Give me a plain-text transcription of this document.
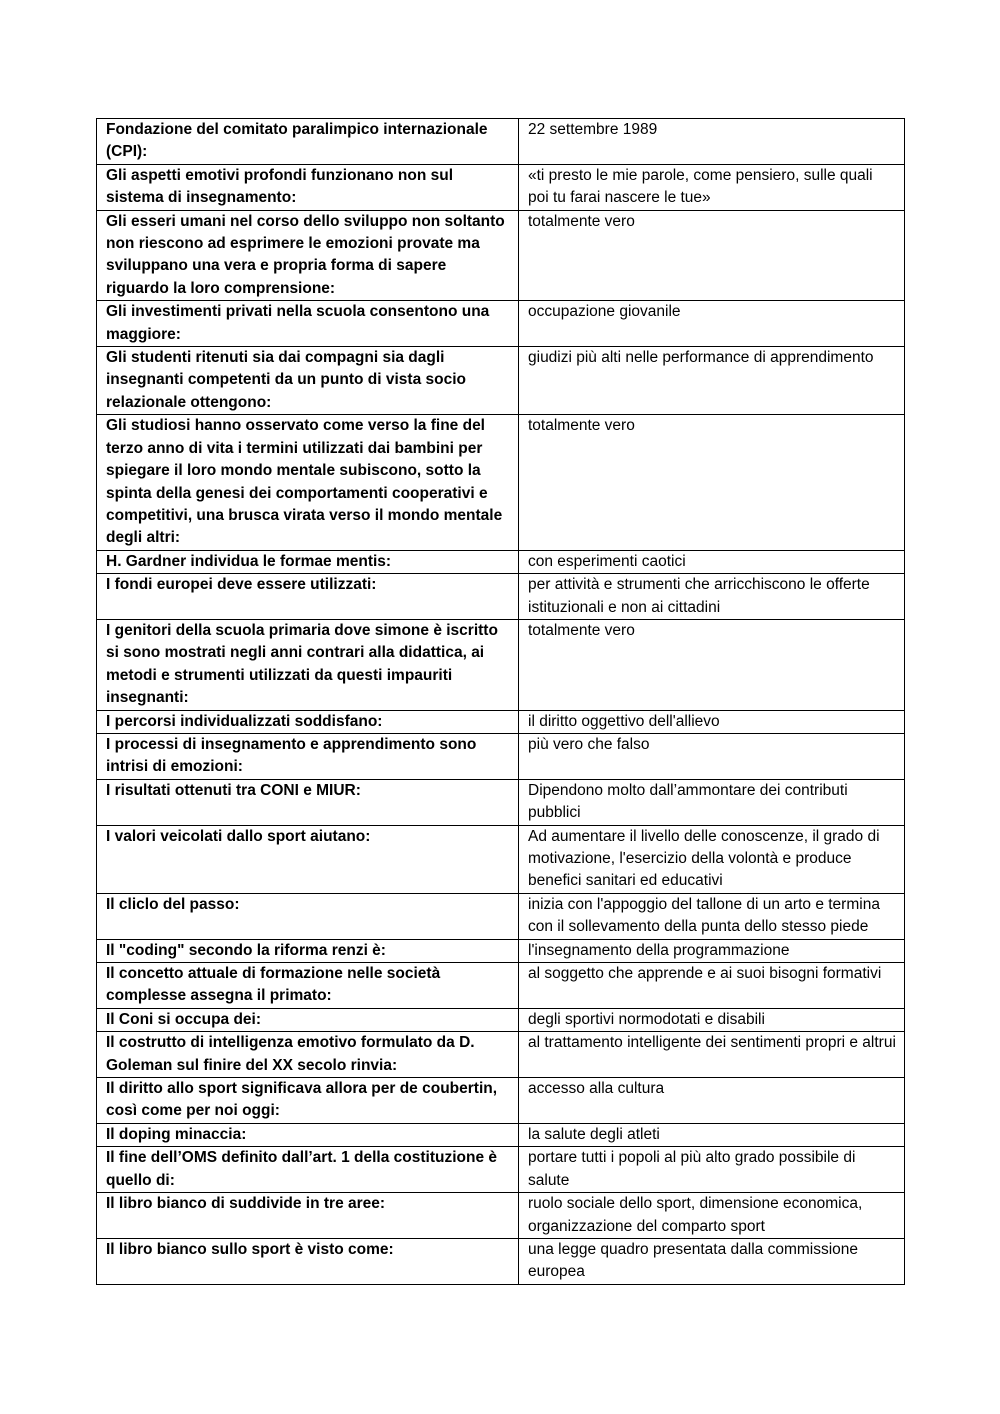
Fondazione del comitato paralimpico internazionale (CPI):	22 settembre 1989
Gli aspetti emotivi profondi funzionano non sul sistema di insegnamento:	«ti presto le mie parole, come pensiero, sulle quali poi tu farai nascere le tue»
Gli esseri umani nel corso dello sviluppo non soltanto non riescono ad esprimere le emozioni provate ma sviluppano una vera e propria forma di sapere riguardo la loro comprensione:	totalmente vero
Gli investimenti privati nella scuola consentono una maggiore:	occupazione giovanile
Gli studenti ritenuti sia dai compagni sia dagli insegnanti competenti da un punto di vista socio relazionale ottengono:	giudizi più alti nelle performance di apprendimento
Gli studiosi hanno osservato come verso la fine del terzo anno di vita i termini utilizzati dai bambini per spiegare il loro mondo mentale subiscono, sotto la spinta della genesi dei comportamenti cooperativi e competitivi, una brusca virata verso il mondo mentale degli altri:	totalmente vero
H. Gardner individua le formae mentis:	con esperimenti caotici
I fondi europei deve essere utilizzati:	per attività e strumenti che arricchiscono le offerte istituzionali e non ai cittadini
I genitori della scuola primaria dove simone è iscritto si sono mostrati negli anni contrari alla didattica, ai metodi e strumenti utilizzati da questi impauriti insegnanti:	totalmente vero
I percorsi individualizzati soddisfano:	il diritto oggettivo dell'allievo
I processi di insegnamento e apprendimento sono intrisi di emozioni:	più vero che falso
I risultati ottenuti tra CONI e MIUR:	Dipendono molto dall’ammontare dei contributi pubblici
I valori veicolati dallo sport aiutano:	Ad aumentare il livello delle conoscenze, il grado di motivazione, l'esercizio della volontà e produce benefici sanitari ed educativi
Il cliclo del passo:	inizia con l'appoggio del tallone di un arto e termina con il sollevamento della punta dello stesso piede
Il "coding" secondo la riforma renzi è:	l'insegnamento della programmazione
Il concetto attuale di formazione nelle società complesse assegna il primato:	al soggetto che apprende e ai suoi bisogni formativi
Il Coni si occupa dei:	degli sportivi normodotati e disabili
Il costrutto di intelligenza emotivo formulato da D. Goleman sul finire del XX secolo rinvia:	al trattamento intelligente dei sentimenti propri e altrui
Il diritto allo sport significava allora per de coubertin, così come per noi oggi:	accesso alla cultura
Il doping minaccia:	la salute degli atleti
Il fine dell’OMS definito dall’art. 1 della costituzione è quello di:	portare tutti i popoli al più alto grado possibile di salute
Il libro bianco di suddivide in tre aree:	ruolo sociale dello sport, dimensione economica, organizzazione del comparto sport
Il libro bianco sullo sport è visto come:	una legge quadro presentata dalla commissione europea
